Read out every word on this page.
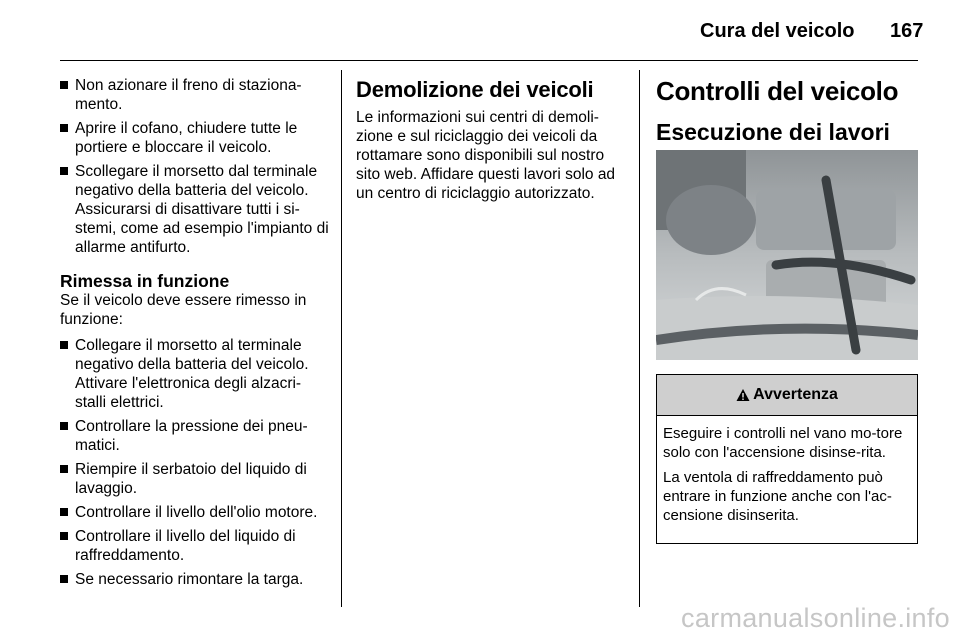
Cura del veicolo 167
Non azionare il freno di staziona-mento.
Aprire il cofano, chiudere tutte le portiere e bloccare il veicolo.
Scollegare il morsetto dal terminale negativo della batteria del veicolo. Assicurarsi di disattivare tutti i si-stemi, come ad esempio l'impianto di allarme antifurto.
Rimessa in funzione

Se il veicolo deve essere rimesso in funzione:

Collegare il morsetto al terminale negativo della batteria del veicolo. Attivare l'elettronica degli alzacri-stalli elettrici.
Controllare la pressione dei pneu-matici.
Riempire il serbatoio del liquido di lavaggio.
Controllare il livello dell'olio motore.
Controllare il livello del liquido di raffreddamento.
Se necessario rimontare la targa.
Demolizione dei veicoli

Le informazioni sui centri di demoli-zione e sul riciclaggio dei veicoli da rottamare sono disponibili sul nostro sito web. Affidare questi lavori solo ad un centro di riciclaggio autorizzato.

Controlli del veicolo
Esecuzione dei lavori
Avvertenza

Eseguire i controlli nel vano mo-tore solo con l'accensione disinse-rita.

La ventola di raffreddamento può entrare in funzione anche con l'ac-censione disinserita.

carmanualsonline.info
